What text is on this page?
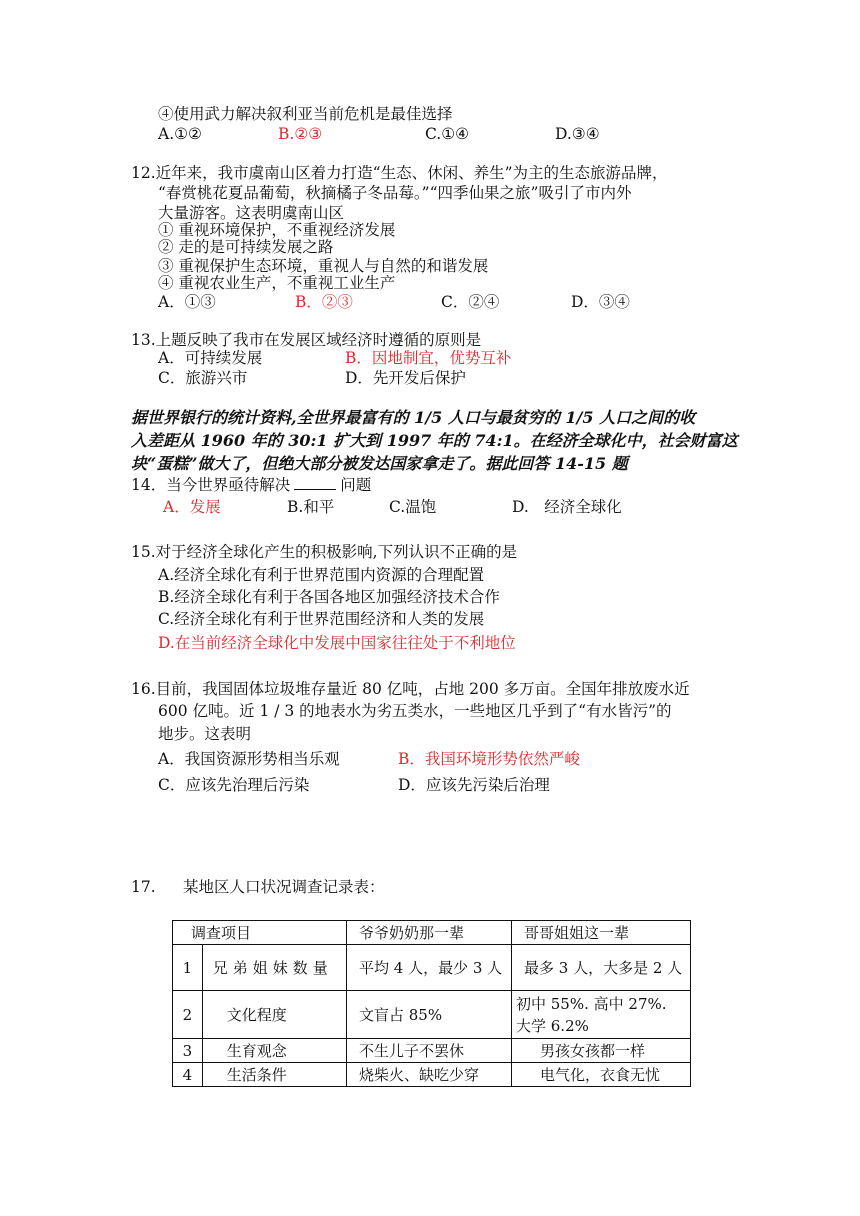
④使用武力解决叙利亚当前危机是最佳选择
A.①②	B.②③	C.①④	D.③④
12.近年来，我市虞南山区着力打造“生态、休闲、养生”为主的生态旅游品牌，
“春赏桃花夏品葡萄，秋摘橘子冬品莓。”“四季仙果之旅”吸引了市内外
大量游客。这表明虞南山区
① 重视环境保护，不重视经济发展
② 走的是可持续发展之路
③ 重视保护生态环境，重视人与自然的和谐发展
④ 重视农业生产，不重视工业生产
A．①③	B．②③	C．②④	D．③④
13.上题反映了我市在发展区域经济时遵循的原则是
A．可持续发展	B．因地制宜，优势互补
C．旅游兴市	D．先开发后保护
据世界银行的统计资料,全世界最富有的 1/5 人口与最贫穷的 1/5 人口之间的收
入差距从 1960 年的 30:1 扩大到 1997 年的 74:1。在经济全球化中，社会财富这
块“蛋糕”做大了，但绝大部分被发达国家拿走了。据此回答 14-15 题
14．当今世界亟待解决	问题
A．发展	B.和平	C.温饱	D.　经济全球化
15.对于经济全球化产生的积极影响,下列认识不正确的是
A.经济全球化有利于世界范围内资源的合理配置
B.经济全球化有利于各国各地区加强经济技术合作
C.经济全球化有利于世界范围经济和人类的发展
D.在当前经济全球化中发展中国家往往处于不利地位
16.目前，我国固体垃圾堆存量近 80 亿吨，占地 200 多万亩。全国年排放废水近
600 亿吨。近 1 / 3 的地表水为劣五类水，一些地区几乎到了“有水皆污”的
地步。这表明
A．我国资源形势相当乐观	B．我国环境形势依然严峻
C．应该先治理后污染	D．应该先污染后治理
17. 某地区人口状况调查记录表：
调查项目		爷爷奶奶那一辈	哥哥姐姐这一辈
1	兄弟姐妹数量	平均 4 人，最少 3 人	最多 3 人，大多是 2 人
2	文化程度	文盲占 85%	初中 55%. 高中 27%. 大学 6.2%
3	生育观念	不生儿子不罢休	男孩女孩都一样
4	生活条件	烧柴火、缺吃少穿	电气化，衣食无忧
